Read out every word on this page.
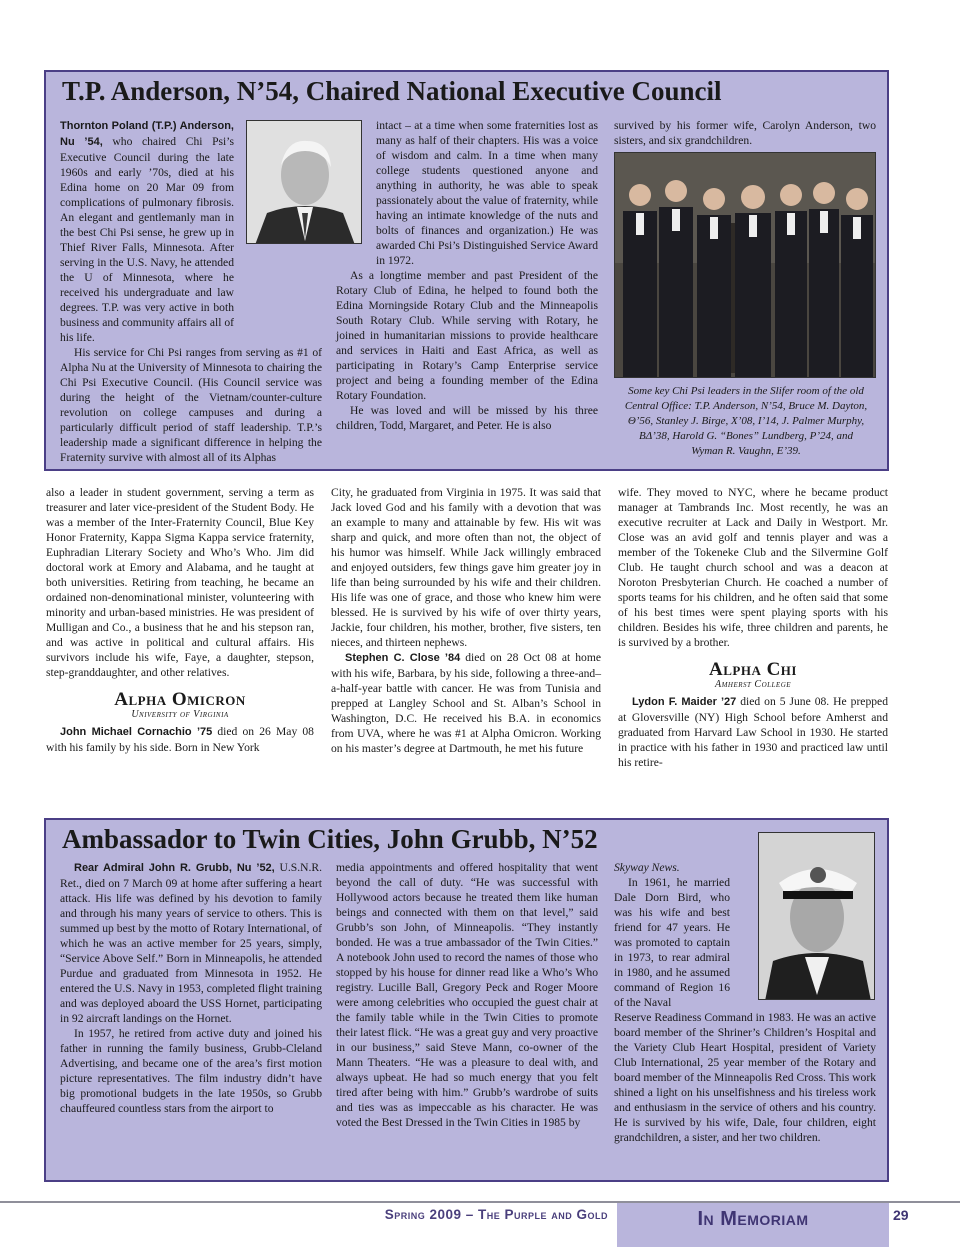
T.P. Anderson, N’54, Chaired National Executive Council

Thornton Poland (T.P.) Anderson, Nu ’54, who chaired Chi Psi’s Executive Council during the late 1960s and early ’70s, died at his Edina home on 20 Mar 09 from complications of pulmonary fibrosis. An elegant and gentlemanly man in the best Chi Psi sense, he grew up in Thief River Falls, Minnesota. After serving in the U.S. Navy, he attended the U of Minnesota, where he received his undergraduate and law degrees. T.P. was very active in both business and community affairs all of his life.

His service for Chi Psi ranges from serving as #1 of Alpha Nu at the University of Minnesota to chairing the Chi Psi Executive Council. (His Council service was during the height of the Vietnam/counter-culture revolution on college campuses and during a particularly difficult period of staff leadership. T.P.’s leadership made a significant difference in helping the Fraternity survive with almost all of its Alphas

intact – at a time when some fraternities lost as many as half of their chapters. His was a voice of wisdom and calm. In a time when many college students questioned anyone and anything in authority, he was able to speak passionately about the value of fraternity, while having an intimate knowledge of the nuts and bolts of finances and organization.) He was awarded Chi Psi’s Distinguished Service Award in 1972.

As a longtime member and past President of the Rotary Club of Edina, he helped to found both the Edina Morningside Rotary Club and the Minneapolis South Rotary Club. While serving with Rotary, he joined in humanitarian missions to provide healthcare and services in Haiti and East Africa, as well as participating in Rotary’s Camp Enterprise service project and being a founding member of the Edina Rotary Foundation.

He was loved and will be missed by his three children, Todd, Margaret, and Peter. He is also

survived by his former wife, Carolyn Anderson, two sisters, and six grandchildren.

Some key Chi Psi leaders in the Slifer room of the old Central Office: T.P. Anderson, N’54, Bruce M. Dayton, Θ’56, Stanley J. Birge, X’08, I’14, J. Palmer Murphy, BΔ’38, Harold G. “Bones” Lundberg, P’24, and Wyman R. Vaughn, E’39.

also a leader in student government, serving a term as treasurer and later vice-president of the Student Body. He was a member of the Inter-Fraternity Council, Blue Key Honor Fraternity, Kappa Sigma Kappa service fraternity, Euphradian Literary Society and Who’s Who. Jim did doctoral work at Emory and Alabama, and he taught at both universities. Retiring from teaching, he became an ordained non-denominational minister, volunteering with minority and urban-based ministries. He was president of Mulligan and Co., a business that he and his stepson ran, and was active in political and cultural affairs. His survivors include his wife, Faye, a daughter, stepson, step-granddaughter, and other relatives.

Alpha Omicron
University of Virginia

John Michael Cornachio ’75 died on 26 May 08 with his family by his side. Born in New York

City, he graduated from Virginia in 1975. It was said that Jack loved God and his family with a devotion that was an example to many and attainable by few. His wit was sharp and quick, and more often than not, the object of his humor was himself. While Jack willingly embraced and enjoyed outsiders, few things gave him greater joy in life than being surrounded by his wife and their children. His life was one of grace, and those who knew him were blessed. He is survived by his wife of over thirty years, Jackie, four children, his mother, brother, five sisters, ten nieces, and thirteen nephews.

Stephen C. Close ’84 died on 28 Oct 08 at home with his wife, Barbara, by his side, following a three-and–a-half-year battle with cancer. He was from Tunisia and prepped at Langley School and St. Alban’s School in Washington, D.C. He received his B.A. in economics from UVA, where he was #1 at Alpha Omicron. Working on his master’s degree at Dartmouth, he met his future

wife. They moved to NYC, where he became product manager at Tambrands Inc. Most recently, he was an executive recruiter at Lack and Daily in Westport. Mr. Close was an avid golf and tennis player and was a member of the Tokeneke Club and the Silvermine Golf Club. He taught church school and was a deacon at Noroton Presbyterian Church. He coached a number of sports teams for his children, and he often said that some of his best times were spent playing sports with his children. Besides his wife, three children and parents, he is survived by a brother.

Alpha Chi
Amherst College

Lydon F. Maider ’27 died on 5 June 08. He prepped at Gloversville (NY) High School before Amherst and graduated from Harvard Law School in 1930. He started in practice with his father in 1930 and practiced law until his retire-

Ambassador to Twin Cities, John Grubb, N’52

Rear Admiral John R. Grubb, Nu ’52, U.S.N.R. Ret., died on 7 March 09 at home after suffering a heart attack. His life was defined by his devotion to family and through his many years of service to others. This is summed up best by the motto of Rotary International, of which he was an active member for 25 years, simply, “Service Above Self.” Born in Minneapolis, he attended Purdue and graduated from Minnesota in 1952. He entered the U.S. Navy in 1953, completed flight training and was deployed aboard the USS Hornet, participating in 92 aircraft landings on the Hornet.

In 1957, he retired from active duty and joined his father in running the family business, Grubb-Cleland Advertising, and became one of the area’s first motion picture representatives. The film industry didn’t have big promotional budgets in the late 1950s, so Grubb chauffeured countless stars from the airport to

media appointments and offered hospitality that went beyond the call of duty. “He was successful with Hollywood actors because he treated them like human beings and connected with them on that level,” said Grubb’s son John, of Minneapolis. “They instantly bonded. He was a true ambassador of the Twin Cities.” A notebook John used to record the names of those who stopped by his house for dinner read like a Who’s Who registry. Lucille Ball, Gregory Peck and Roger Moore were among celebrities who occupied the guest chair at the family table while in the Twin Cities to promote their latest flick. “He was a great guy and very proactive in our business,” said Steve Mann, co-owner of the Mann Theaters. “He was a pleasure to deal with, and always upbeat. He had so much energy that you felt tired after being with him.” Grubb’s wardrobe of suits and ties was as impeccable as his character. He was voted the Best Dressed in the Twin Cities in 1985 by

Skyway News.

In 1961, he married Dale Dorn Bird, who was his wife and best friend for 47 years. He was promoted to captain in 1973, to rear admiral in 1980, and he assumed command of Region 16 of the Naval

Reserve Readiness Command in 1983. He was an active board member of the Shriner’s Children’s Hospital and the Variety Club Heart Hospital, president of Variety Club International, 25 year member of the Rotary and board member of the Minneapolis Red Cross. This work shined a light on his unselfishness and his tireless work and enthusiasm in the service of others and his country. He is survived by his wife, Dale, four children, eight grandchildren, a sister, and her two children.

Spring 2009 – The Purple and Gold	In Memoriam	29
